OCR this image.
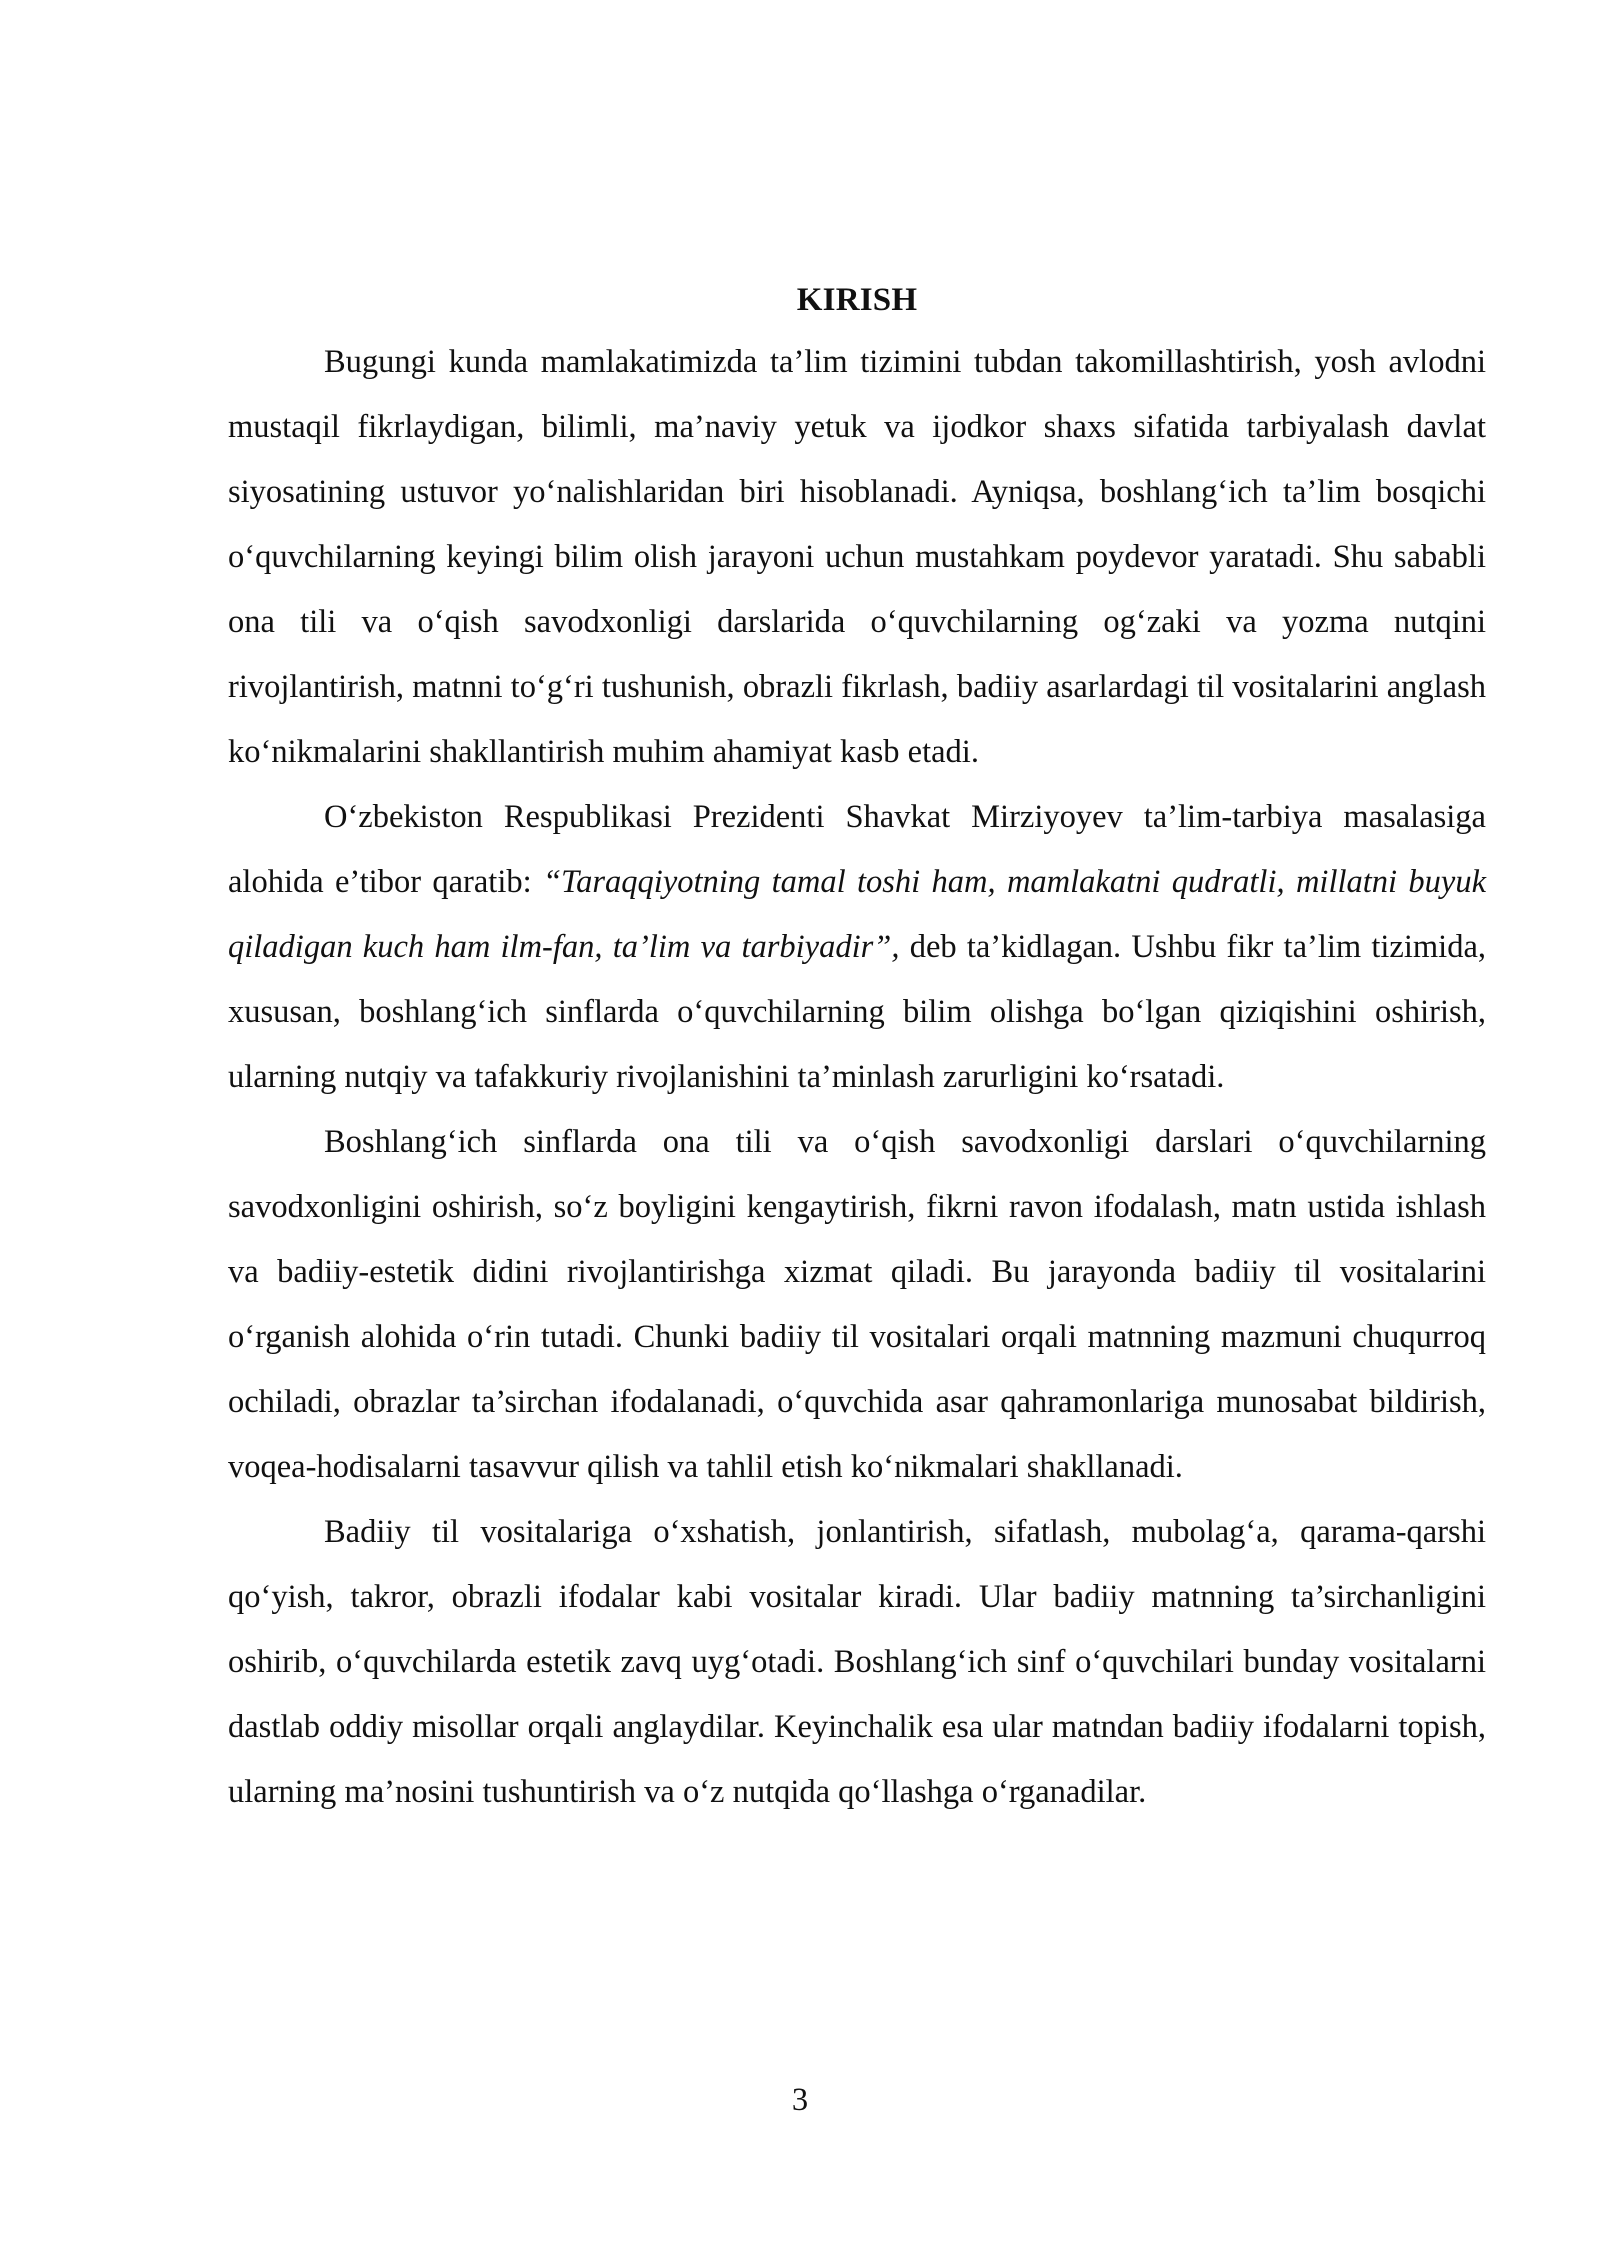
KIRISH

Bugungi kunda mamlakatimizda ta’lim tizimini tubdan takomillashtirish, yosh avlodni mustaqil fikrlaydigan, bilimli, ma’naviy yetuk va ijodkor shaxs sifatida tarbiyalash davlat siyosatining ustuvor yo‘nalishlaridan biri hisoblanadi. Ayniqsa, boshlang‘ich ta’lim bosqichi o‘quvchilarning keyingi bilim olish jarayoni uchun mustahkam poydevor yaratadi. Shu sababli ona tili va o‘qish savodxonligi darslarida o‘quvchilarning og‘zaki va yozma nutqini rivojlantirish, matnni to‘g‘ri tushunish, obrazli fikrlash, badiiy asarlardagi til vositalarini anglash ko‘nikmalarini shakllantirish muhim ahamiyat kasb etadi.

O‘zbekiston Respublikasi Prezidenti Shavkat Mirziyoyev ta’lim-tarbiya masalasiga alohida e’tibor qaratib: “Taraqqiyotning tamal toshi ham, mamlakatni qudratli, millatni buyuk qiladigan kuch ham ilm-fan, ta’lim va tarbiyadir”, deb ta’kidlagan. Ushbu fikr ta’lim tizimida, xususan, boshlang‘ich sinflarda o‘quvchilarning bilim olishga bo‘lgan qiziqishini oshirish, ularning nutqiy va tafakkuriy rivojlanishini ta’minlash zarurligini ko‘rsatadi.

Boshlang‘ich sinflarda ona tili va o‘qish savodxonligi darslari o‘quvchilarning savodxonligini oshirish, so‘z boyligini kengaytirish, fikrni ravon ifodalash, matn ustida ishlash va badiiy-estetik didini rivojlantirishga xizmat qiladi. Bu jarayonda badiiy til vositalarini o‘rganish alohida o‘rin tutadi. Chunki badiiy til vositalari orqali matnning mazmuni chuqurroq ochiladi, obrazlar ta’sirchan ifodalanadi, o‘quvchida asar qahramonlariga munosabat bildirish, voqea-hodisalarni tasavvur qilish va tahlil etish ko‘nikmalari shakllanadi.

Badiiy til vositalariga o‘xshatish, jonlantirish, sifatlash, mubolag‘a, qarama-qarshi qo‘yish, takror, obrazli ifodalar kabi vositalar kiradi. Ular badiiy matnning ta’sirchanligini oshirib, o‘quvchilarda estetik zavq uyg‘otadi. Boshlang‘ich sinf o‘quvchilari bunday vositalarni dastlab oddiy misollar orqali anglaydilar. Keyinchalik esa ular matndan badiiy ifodalarni topish, ularning ma’nosini tushuntirish va o‘z nutqida qo‘llashga o‘rganadilar.

3
